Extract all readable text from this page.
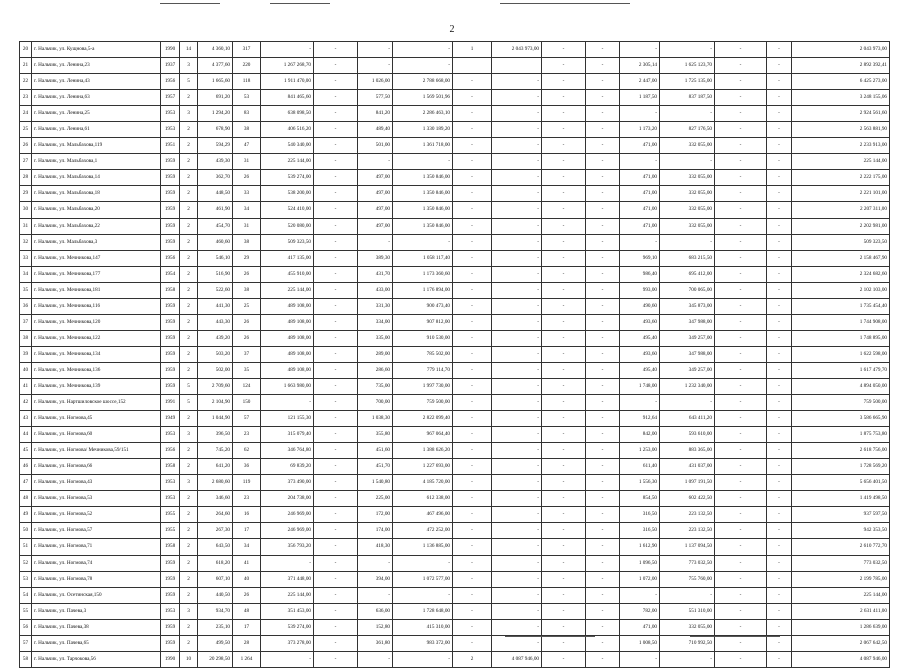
2
20	г. Нальчик, ул. Кущнова,5-а	1990	14	4 360,10	317	-	-	-	-	1	2 043 973,00	-	-	-	-	-	-	2 043 973,00
21	г. Нальчик, ул. Ленина,23	1937	3	4 377,60	220	1 267 268,70	-	-	-			-	-	2 305,14	1 625 123,70	-	-	2 892 392,41
22	г. Нальчик, ул. Ленина,43	1956	5	1 665,60	118	1 911 470,00	-	1 026,00	2 788 668,00	-	-	-	-	2 447,00	1 725 135,00	-	-	6 425 273,00
23	г. Нальчик, ул. Ленина,63	1957	2	691,20	53	841 465,60	-	577,50	1 569 501,96	-	-	-	-	1 187,50	837 187,50	-	-	3 248 155,06
24	г. Нальчик, ул. Ленина,25	1953	3	1 294,20	83	638 098,50	-	841,20	2 286 463,10	-	-	-	-	-	-	-	-	2 924 561,60
25	г. Нальчик, ул. Ленина,61	1953	2	678,90	38	406 516,20	-	489,40	1 330 189,20	-	-	-	-	1 173,20	827 176,50	-	-	2 563 881,90
26	г. Нальчик, ул. Мальбахова,119	1951	2	594,29	47	540 340,00	-	501,00	1 361 718,00	-	-	-	-	471,00	332 055,00	-	-	2 233 913,00
27	г. Нальчик, ул. Мальбахова,1	1959	2	439,30	31	225 144,00	-	-	-	-	-	-	-	-	-	-	-	225 144,00
28	г. Нальчик, ул. Мальбахова,14	1959	2	362,70	26	539 274,00	-	497,00	1 350 846,00	-	-	-	-	471,00	332 055,00	-	-	2 222 175,00
29	г. Нальчик, ул. Мальбахова,18	1959	2	448,50	33	538 200,00	-	497,00	1 350 846,00	-	-	-	-	471,00	332 055,00	-	-	2 221 101,00
30	г. Нальчик, ул. Мальбахова,20	1959	2	461,90	34	524 410,00	-	497,00	1 350 846,00	-	-	-	-	471,00	332 055,00	-	-	2 207 311,00
31	г. Нальчик, ул. Мальбахова,22	1959	2	454,70	31	520 080,00	-	497,00	1 350 846,00	-	-	-	-	471,00	332 055,00	-	-	2 202 981,00
32	г. Нальчик, ул. Мальбахова,3	1959	2	460,60	38	509 323,50	-	-	-	-	-	-	-	-	-	-	-	509 323,50
33	г. Нальчик, ул. Мечникова,147	1956	2	546,10	29	417 135,00	-	389,30	1 058 117,40	-	-	-	-	969,10	683 215,50	-	-	2 158 467,90
34	г. Нальчик, ул. Мечникова,177	1954	2	516,90	26	455 910,00	-	431,70	1 173 360,60	-	-	-	-	986,40	695 412,00	-	-	2 324 682,60
35	г. Нальчик, ул. Мечникова,181	1958	2	522,60	38	225 144,00	-	433,00	1 176 894,00	-	-	-	-	993,00	700 065,00	-	-	2 102 103,00
36	г. Нальчик, ул. Мечникова,116	1959	2	441,30	25	489 108,00	-	331,30	900 473,40	-	-	-	-	490,60	345 873,00	-	-	1 735 454,40
37	г. Нальчик, ул. Мечникова,120	1959	2	443,30	26	489 108,00	-	334,00	907 812,00	-	-	-	-	493,60	347 988,00	-	-	1 744 908,00
38	г. Нальчик, ул. Мечникова,122	1959	2	439,20	26	489 108,00	-	335,00	910 530,00	-	-	-	-	495,40	349 257,00	-	-	1 748 895,00
39	г. Нальчик, ул. Мечникова,134	1959	2	503,20	37	489 108,00	-	289,00	785 502,00	-	-	-	-	493,60	347 988,00	-	-	1 622 598,00
40	г. Нальчик, ул. Мечникова,136	1959	2	502,00	35	489 108,00	-	286,60	779 114,70	-	-	-	-	495,40	349 257,00	-	-	1 617 479,70
41	г. Нальчик, ул. Мечникова,139	1959	5	2 709,60	124	1 663 980,00	-	735,00	1 997 730,00	-	-	-	-	1 748,00	1 232 340,00	-	-	4 894 050,00
42	г. Нальчик, ул. Нартшиловское шоссе,152	1991	5	2 104,90	150	-	-	700,00	759 500,00	-	-	-	-	-	-	-	-	759 500,00
43	г. Нальчик, ул. Ногмова,45	1949	2	1 044,90	57	121 155,30	-	1 038,30	2 822 099,40	-	-	-	-	912,64	643 411,20	-	-	3 586 665,90
44	г. Нальчик, ул. Ногмова,60	1953	3	396,50	23	315 079,40	-	355,80	967 064,40	-	-	-	-	842,00	593 610,00	-	-	1 875 753,80
45	г. Нальчик, ул. Ногмова/ Мечникова,59/151	1956	2	745,20	62	346 764,80	-	451,60	1 388 626,20	-	-	-	-	1 253,00	883 365,00	-	-	2 618 756,00
46	г. Нальчик, ул. Ногмова,66	1958	2	641,20	36	69 839,20	-	451,70	1 227 693,00	-	-	-	-	611,40	431 037,00	-	-	1 728 569,20
47	г. Нальчик, ул. Ногмова,43	1953	3	2 680,60	119	373 490,00	-	1 540,80	4 185 720,00	-	-	-	-	1 556,30	1 097 191,50	-	-	5 656 401,50
48	г. Нальчик, ул. Ногмова,53	1953	2	346,60	23	204 738,00	-	225,00	612 338,00	-	-	-	-	854,50	602 422,50	-	-	1 419 498,50
49	г. Нальчик, ул. Ногмова,52	1955	2	264,60	16	246 969,00	-	172,00	467 496,00	-	-	-	-	316,50	223 132,50	-	-	937 597,50
50	г. Нальчик, ул. Ногмова,57	1955	2	267,30	17	246 969,00	-	174,00	472 252,00	-	-	-	-	316,50	223 132,50	-	-	942 353,50
51	г. Нальчик, ул. Ногмова,71	1958	2	643,50	34	356 793,20	-	418,30	1 136 885,00	-	-	-	-	1 612,90	1 137 094,50	-	-	2 610 772,70
52	г. Нальчик, ул. Ногмова,74	1959	2	618,20	41	-	-	-	-	-	-	-	-	1 096,50	773 032,50	-	-	773 032,50
53	г. Нальчик, ул. Ногмова,78	1959	2	607,10	40	371 448,00	-	394,00	1 072 577,00	-	-	-	-	1 072,00	755 760,00	-	-	2 199 785,00
54	г. Нальчик, ул. Осетинская,150	1959	2	440,50	26	225 144,00	-	-	-	-	-	-	-	-	-	-	-	225 144,00
55	г. Нальчик, ул. Пачева,3	1953	3	934,70	48	351 453,00	-	636,00	1 728 648,00	-	-	-	-	782,00	551 310,00	-	-	2 631 411,00
56	г. Нальчик, ул. Пачева,38	1959	2	235,10	17	539 274,00	-	152,80	415 310,00	-	-	-	-	471,00	332 055,00	-	-	1 286 639,00
57	г. Нальчик, ул. Пачева,65	1959	2	499,50	28	373 278,00	-	361,80	983 372,00	-	-	-	-	1 008,50	710 992,50	-	-	2 067 642,50
58	г. Нальчик, ул. Тарчокова,56	1990	10	20 298,50	1 264	-	-	-	-	2	4 087 946,00	-	-	-	-	-	-	4 087 946,00
